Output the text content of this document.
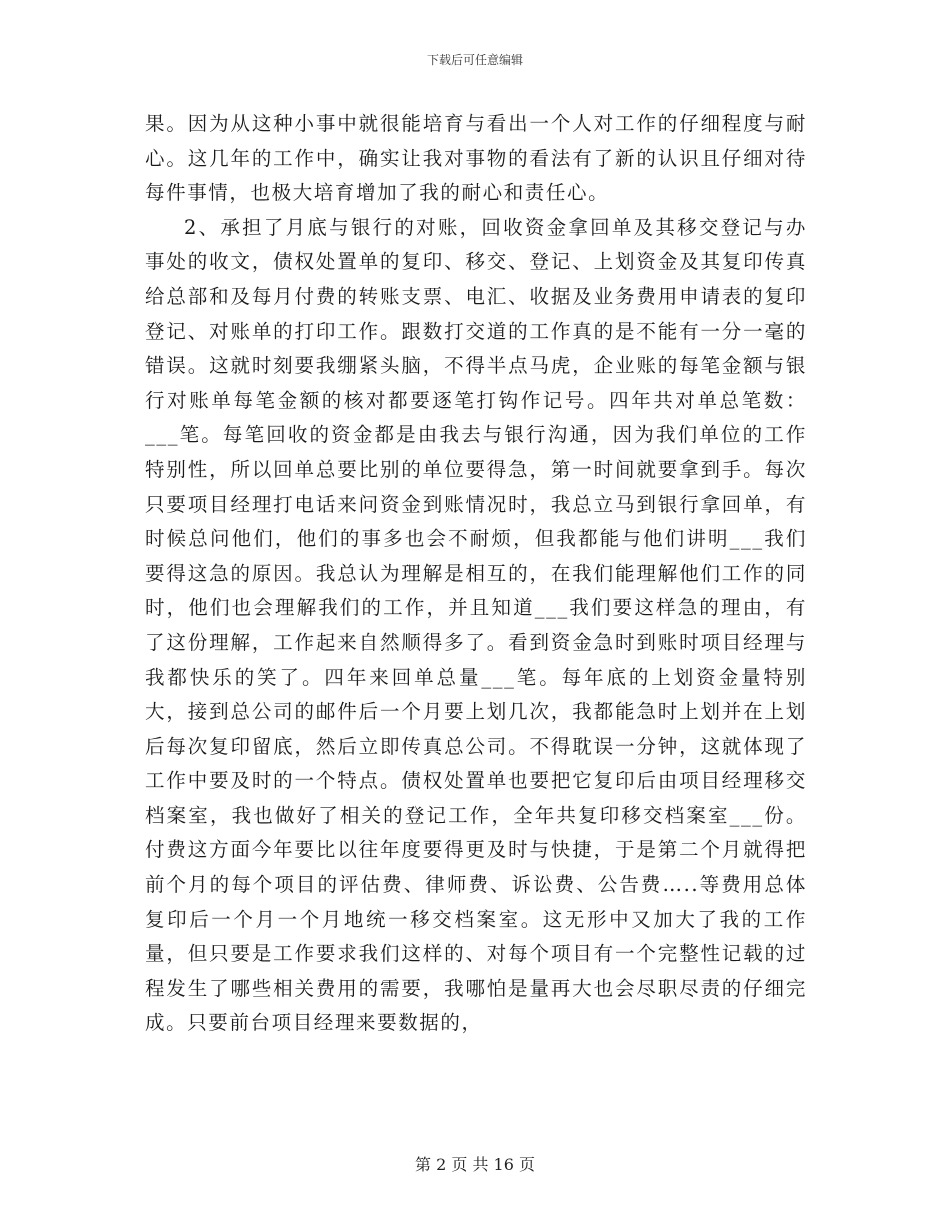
下载后可任意编辑

果。因为从这种小事中就很能培育与看出一个人对工作的仔细程度与耐心。这几年的工作中，确实让我对事物的看法有了新的认识且仔细对待每件事情，也极大培育增加了我的耐心和责任心。

2、承担了月底与银行的对账，回收资金拿回单及其移交登记与办事处的收文，债权处置单的复印、移交、登记、上划资金及其复印传真给总部和及每月付费的转账支票、电汇、收据及业务费用申请表的复印登记、对账单的打印工作。跟数打交道的工作真的是不能有一分一毫的错误。这就时刻要我绷紧头脑，不得半点马虎，企业账的每笔金额与银行对账单每笔金额的核对都要逐笔打钩作记号。四年共对单总笔数：___笔。每笔回收的资金都是由我去与银行沟通，因为我们单位的工作特别性，所以回单总要比别的单位要得急，第一时间就要拿到手。每次只要项目经理打电话来问资金到账情况时，我总立马到银行拿回单，有时候总问他们，他们的事多也会不耐烦，但我都能与他们讲明___我们要得这急的原因。我总认为理解是相互的，在我们能理解他们工作的同时，他们也会理解我们的工作，并且知道___我们要这样急的理由，有了这份理解，工作起来自然顺得多了。看到资金急时到账时项目经理与我都快乐的笑了。四年来回单总量___笔。每年底的上划资金量特别大，接到总公司的邮件后一个月要上划几次，我都能急时上划并在上划后每次复印留底，然后立即传真总公司。不得耽误一分钟，这就体现了工作中要及时的一个特点。债权处置单也要把它复印后由项目经理移交档案室，我也做好了相关的登记工作，全年共复印移交档案室___份。付费这方面今年要比以往年度要得更及时与快捷，于是第二个月就得把前个月的每个项目的评估费、律师费、诉讼费、公告费…..等费用总体复印后一个月一个月地统一移交档案室。这无形中又加大了我的工作量，但只要是工作要求我们这样的、对每个项目有一个完整性记载的过程发生了哪些相关费用的需要，我哪怕是量再大也会尽职尽责的仔细完成。只要前台项目经理来要数据的，

第 2 页 共 16 页
